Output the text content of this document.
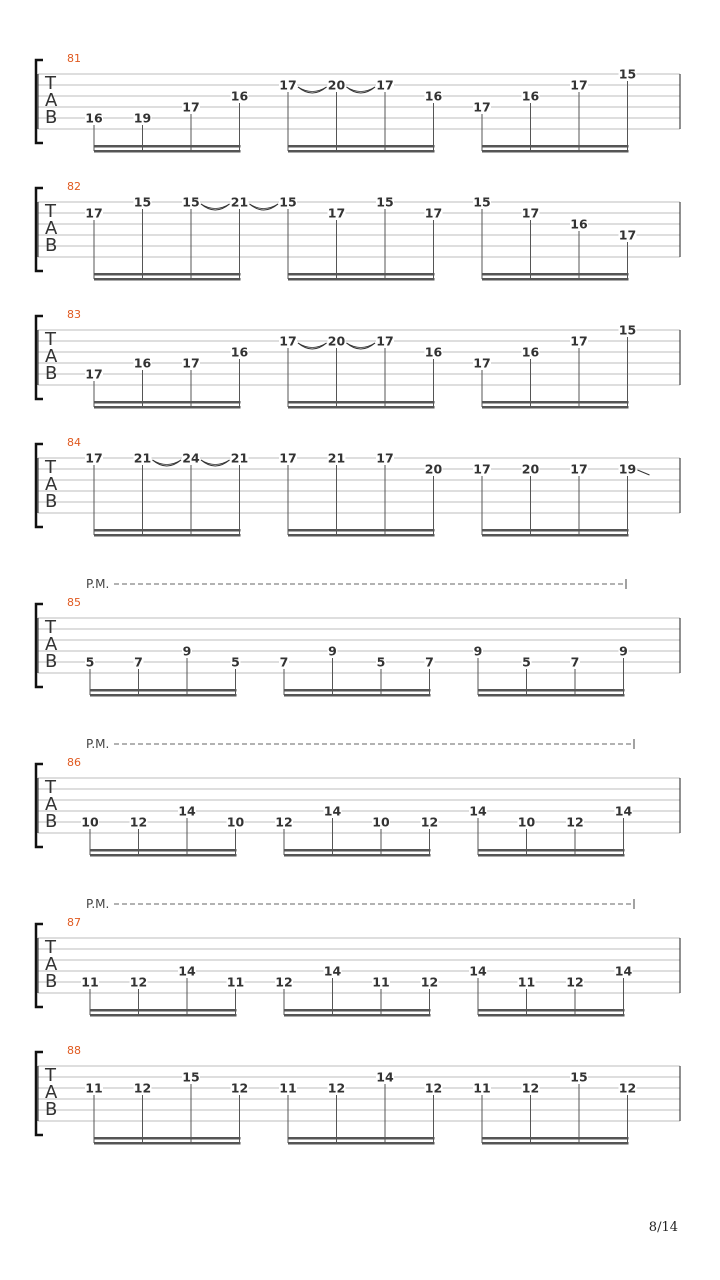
T
A
B
81
16 19
17
16
17 20 17
16
17
16
17
15
T
A
B
82
17
15 15 21 15
17
15
17
15
17
16
17
T
A
B
83
17
16 17
16
17 20 17
16
17
16
17
15
T
A
B
84
17 21 24 21 17 21 17
20 17 20 17 19
T
A
B
85
P.M.
5	7
9
5	7
9
5	7
9
5	7
9
T
A
B
86
P.M.
10 12
14
10 12
14
10 12
14
10 12
14
T
A
B
87
P.M.
11 12
14
11 12
14
11 12
14
11 12
14
T
A
B
88
11 12
15
12 11 12
14
12 11 12
15
12
8/14
